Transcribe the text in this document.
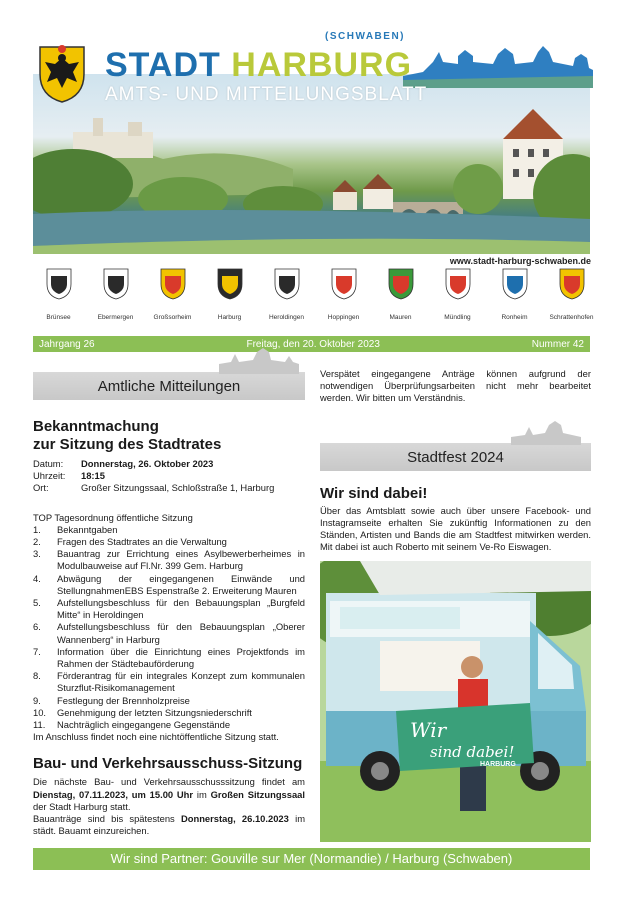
(SCHWABEN)
STADT HARBURG
AMTS- UND MITTEILUNGSBLATT
www.stadt-harburg-schwaben.de
Brünsee	Ebermergen	Großsorheim	Harburg	Heroldingen	Hoppingen	Mauren	Mündling	Ronheim	Schrattenhofen
Jahrgang 26	Freitag, den 20. Oktober 2023	Nummer 42
Amtliche Mitteilungen
Bekanntmachung
zur Sitzung des Stadtrates
Datum:	Donnerstag, 26. Oktober 2023
Uhrzeit:	18:15
Ort:	Großer Sitzungssaal, Schloßstraße 1, Harburg
TOP Tagesordnung öffentliche Sitzung
1.	Bekanntgaben
2.	Fragen des Stadtrates an die Verwaltung
3.	Bauantrag zur Errichtung eines Asylbewerberheimes in Modulbauweise auf Fl.Nr. 399 Gem. Harburg
4.	Abwägung der eingegangenen Einwände und StellungnahmenEBS Espenstraße 2. Erweiterung Mauren
5.	Aufstellungsbeschluss für den Bebauungsplan „Burgfeld Mitte“ in Heroldingen
6.	Aufstellungsbeschluss für den Bebauungsplan „Oberer Wannenberg“ in Harburg
7.	Information über die Einrichtung eines Projektfonds im Rahmen der Städtebauförderung
8.	Förderantrag für ein integrales Konzept zum kommunalen Sturzflut-Risikomanagement
9.	Festlegung der Brennholzpreise
10.	Genehmigung der letzten Sitzungsniederschrift
11.	Nachträglich eingegangene Gegenstände
Im Anschluss findet noch eine nichtöffentliche Sitzung statt.
Bau- und Verkehrsausschuss-Sitzung

Die nächste Bau- und Verkehrsausschusssitzung findet am Dienstag, 07.11.2023, um 15.00 Uhr im Großen Sitzungssaal der Stadt Harburg statt.

Bauanträge sind bis spätestens Donnerstag, 26.10.2023 im städt. Bauamt einzureichen.

Verspätet eingegangene Anträge können aufgrund der notwendigen Überprüfungsarbeiten nicht mehr bearbeitet werden. Wir bitten um Verständnis.

Stadtfest 2024
Wir sind dabei!

Über das Amtsblatt sowie auch über unsere Facebook- und Instagramseite erhalten Sie zukünftig Informationen zu den Ständen, Artisten und Bands die am Stadtfest mitwirken werden. Mit dabei ist auch Roberto mit seinem Ve-Ro Eiswagen.

Wir
sind dabei!
HARBURG
Wir sind Partner: Gouville sur Mer (Normandie) / Harburg (Schwaben)
